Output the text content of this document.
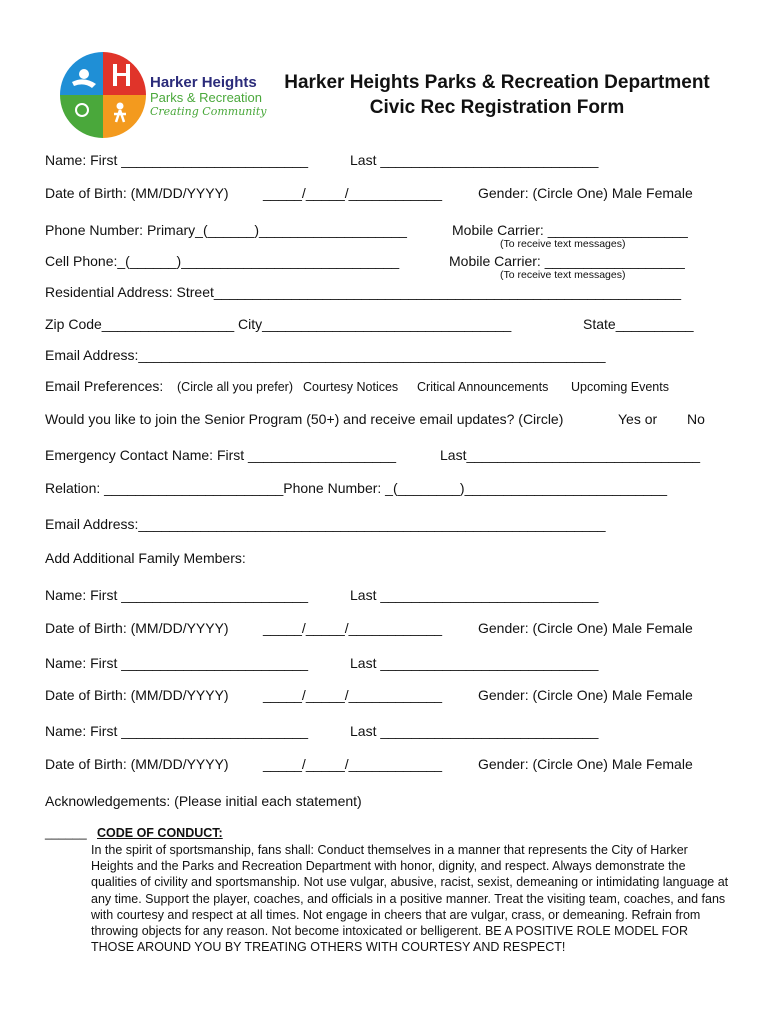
Harker Heights
Parks & Recreation
Creating Community
Harker Heights Parks & Recreation Department
Civic Rec Registration Form
Name: First ________________________	Last ____________________________
Date of Birth: (MM/DD/YYYY) _____/_____/____________	Gender: (Circle One) Male Female
Phone Number: Primary_(______)___________________	Mobile Carrier: __________________
(To receive text messages)
Cell Phone:_(______)____________________________	Mobile Carrier: __________________
(To receive text messages)
Residential Address: Street____________________________________________________________
Zip Code_________________ City________________________________	State__________
Email Address:____________________________________________________________
Email Preferences: (Circle all you prefer) Courtesy Notices Critical Announcements Upcoming Events
Would you like to join the Senior Program (50+) and receive email updates? (Circle)	Yes or No
Emergency Contact Name: First ___________________	Last______________________________
Relation: _______________________Phone Number: _(________)__________________________
Email Address:____________________________________________________________
Add Additional Family Members:
Name: First ________________________	Last ____________________________
Date of Birth: (MM/DD/YYYY) _____/_____/____________	Gender: (Circle One) Male Female
Name: First ________________________	Last ____________________________
Date of Birth: (MM/DD/YYYY) _____/_____/____________	Gender: (Circle One) Male Female
Name: First ________________________	Last ____________________________
Date of Birth: (MM/DD/YYYY) _____/_____/____________	Gender: (Circle One) Male Female
Acknowledgements: (Please initial each statement)
______ CODE OF CONDUCT:
In the spirit of sportsmanship, fans shall: Conduct themselves in a manner that represents the City of Harker Heights and the Parks and Recreation Department with honor, dignity, and respect. Always demonstrate the qualities of civility and sportsmanship. Not use vulgar, abusive, racist, sexist, demeaning or intimidating language at any time. Support the player, coaches, and officials in a positive manner. Treat the visiting team, coaches, and fans with courtesy and respect at all times. Not engage in cheers that are vulgar, crass, or demeaning. Refrain from throwing objects for any reason. Not become intoxicated or belligerent. BE A POSITIVE ROLE MODEL FOR THOSE AROUND YOU BY TREATING OTHERS WITH COURTESY AND RESPECT!
